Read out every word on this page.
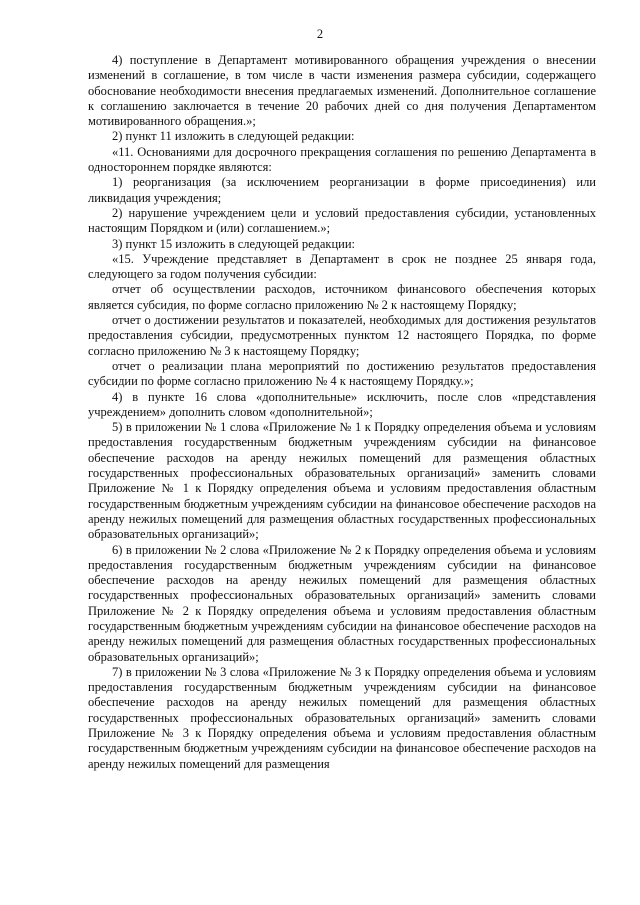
2

4) поступление в Департамент мотивированного обращения учреждения о внесении изменений в соглашение, в том числе в части изменения размера субсидии, содержащего обоснование необходимости внесения предлагаемых изменений. Дополнительное соглашение к соглашению заключается в течение 20 рабочих дней со дня получения Департаментом мотивированного обращения.»;

2) пункт 11 изложить в следующей редакции:

«11. Основаниями для досрочного прекращения соглашения по решению Департамента в одностороннем порядке являются:

1) реорганизация (за исключением реорганизации в форме присоединения) или ликвидация учреждения;

2) нарушение учреждением цели и условий предоставления субсидии, установленных настоящим Порядком и (или) соглашением.»;

3) пункт 15 изложить в следующей редакции:

«15. Учреждение представляет в Департамент в срок не позднее 25 января года, следующего за годом получения субсидии:

отчет об осуществлении расходов, источником финансового обеспечения которых является субсидия, по форме согласно приложению № 2 к настоящему Порядку;

отчет о достижении результатов и показателей, необходимых для достижения результатов предоставления субсидии, предусмотренных пунктом 12 настоящего Порядка, по форме согласно приложению № 3 к настоящему Порядку;

отчет о реализации плана мероприятий по достижению результатов предоставления субсидии по форме согласно приложению № 4 к настоящему Порядку.»;

4) в пункте 16 слова «дополнительные» исключить, после слов «представления учреждением» дополнить словом «дополнительной»;

5) в приложении № 1 слова «Приложение № 1 к Порядку определения объема и условиям предоставления государственным бюджетным учреждениям субсидии на финансовое обеспечение расходов на аренду нежилых помещений для размещения областных государственных профессиональных образовательных организаций» заменить словами Приложение № 1 к Порядку определения объема и условиям предоставления областным государственным бюджетным учреждениям субсидии на финансовое обеспечение расходов на аренду нежилых помещений для размещения областных государственных профессиональных образовательных организаций»;

6) в приложении № 2 слова «Приложение № 2 к Порядку определения объема и условиям предоставления государственным бюджетным учреждениям субсидии на финансовое обеспечение расходов на аренду нежилых помещений для размещения областных государственных профессиональных образовательных организаций» заменить словами Приложение № 2 к Порядку определения объема и условиям предоставления областным государственным бюджетным учреждениям субсидии на финансовое обеспечение расходов на аренду нежилых помещений для размещения областных государственных профессиональных образовательных организаций»;

7) в приложении № 3 слова «Приложение № 3 к Порядку определения объема и условиям предоставления государственным бюджетным учреждениям субсидии на финансовое обеспечение расходов на аренду нежилых помещений для размещения областных государственных профессиональных образовательных организаций» заменить словами Приложение № 3 к Порядку определения объема и условиям предоставления областным государственным бюджетным учреждениям субсидии на финансовое обеспечение расходов на аренду нежилых помещений для размещения
